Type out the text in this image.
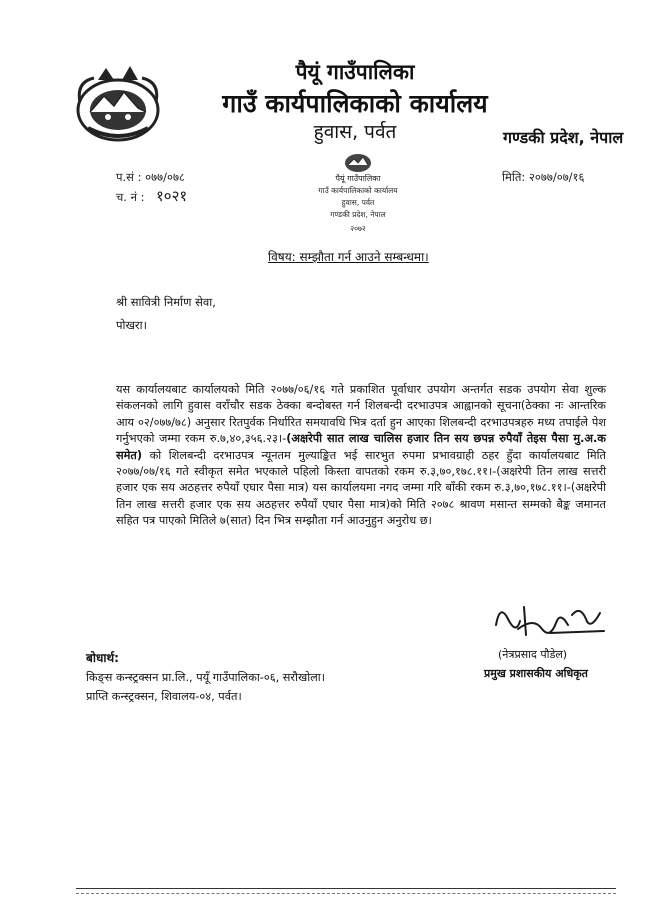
पैयूं गाउँपालिका
गाउँ कार्यपालिकाको कार्यालय
हुवास, पर्वत	गण्डकी प्रदेश, नेपाल
प.सं : ०७७/०७८
च. नं : १०२१
मिति: २०७७/०७/१६
पैयूं गाउँपालिका
गाउँ कार्यपालिकाको कार्यालय
हुवास, पर्वत
गण्डकी प्रदेश, नेपाल
२०७२
विषय: सम्झौता गर्न आउने सम्बन्धमा।
श्री सावित्री निर्माण सेवा,
पोखरा।
यस कार्यालयबाट कार्यालयको मिति २०७७/०६/१६ गते प्रकाशित पूर्वाधार उपयोग अन्तर्गत सडक उपयोग सेवा शुल्क संकलनको लागि हुवास वराँचौर सडक ठेक्का बन्दोबस्त गर्न शिलबन्दी दरभाउपत्र आह्वानको सूचना(ठेक्का नः आन्तरिक आय ०२/०७७/७८) अनुसार रितपुर्वक निर्धारित समयावधि भित्र दर्ता हुन आएका शिलबन्दी दरभाउपत्रहरु मध्य तपाईले पेश गर्नुभएको जम्मा रकम रु.७,४०,३५६.२३।-(अक्षरेपी सात लाख चालिस हजार तिन सय छपन्न रुपैयाँ तेइस पैसा मु.अ.क समेत) को शिलबन्दी दरभाउपत्र न्यूनतम मुल्याङ्कित भई सारभुत रुपमा प्रभावग्राही ठहर हुँदा कार्यालयबाट मिति २०७७/०७/१६ गते स्वीकृत समेत भएकाले पहिलो किस्ता वापतको रकम रु.३,७०,१७८.११।-(अक्षरेपी तिन लाख सत्तरी हजार एक सय अठहत्तर रुपैयाँ एघार पैसा मात्र) यस कार्यालयमा नगद जम्मा गरि बाँकी रकम रु.३,७०,१७८.११।-(अक्षरेपी तिन लाख सत्तरी हजार एक सय अठहत्तर रुपैयाँ एघार पैसा मात्र)को मिति २०७८ श्रावण मसान्त सम्मको बैङ्क जमानत सहित पत्र पाएको मितिले ७(सात) दिन भित्र सम्झौता गर्न आउनुहुन अनुरोध छ।
(नेत्रप्रसाद पौडेल)
प्रमुख प्रशासकीय अधिकृत
बोधार्थ:
किङ्स कन्स्ट्रक्सन प्रा.लि., पयूँ गाउँपालिका-०६, सरौखोला।
प्राप्ति कन्स्ट्रक्सन, शिवालय-०४, पर्वत।
